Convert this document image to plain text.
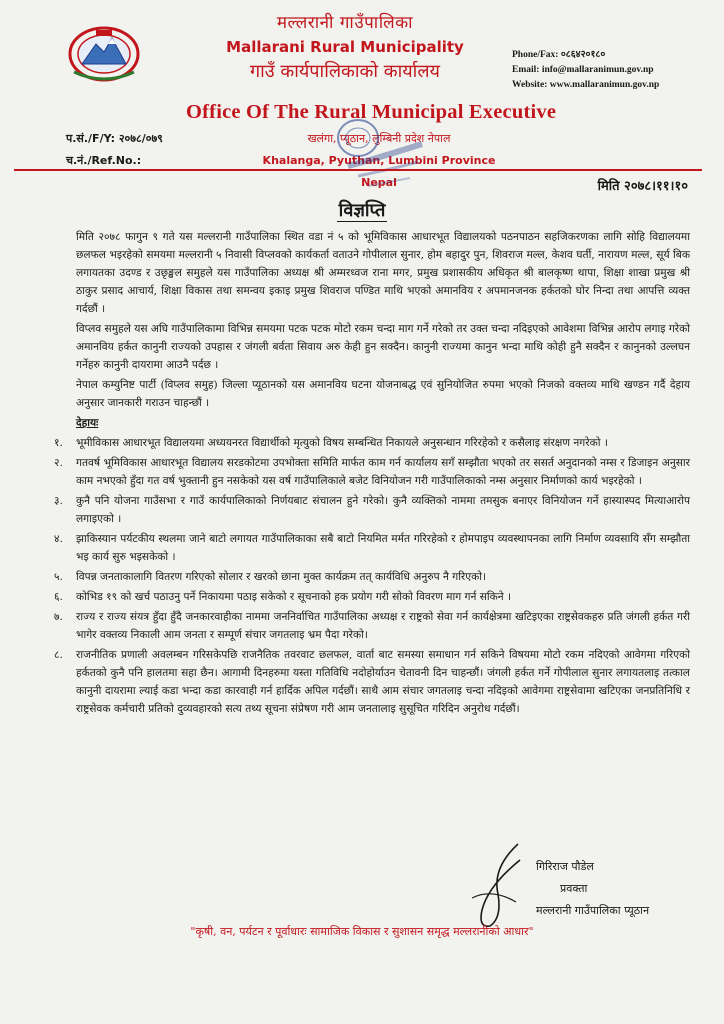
मल्लरानी गाउँपालिका
Mallarani Rural Municipality
गाउँ कार्यपालिकाको कार्यालय
Office Of The Rural Municipal Executive
Phone/Fax: ०८६४२०१८०
Email: info@mallaranimun.gov.np
Website: www.mallaranimun.gov.np
प.सं./F/Y: २०७८/०७९
च.नं./Ref.No.:
खलंगा, प्यूठान, लुम्बिनी प्रदेश नेपाल
Khalanga, Pyuthan, Lumbini Province Nepal	मिति २०७८।११।१०
विज्ञप्ति

मिति २०७८ फागुन ९ गते यस मल्लरानी गाउँपालिका स्थित वडा नं ५ को भूमिविकास आधारभूत विद्यालयको पठनपाठन सहजिकरणका लागि सोहि विद्यालयमा छलफल भइरहेको समयमा मल्लरानी ५ निवासी विप्लवको कार्यकर्ता वताउने गोपीलाल सुनार, होम बहादुर पुन, शिवराज मल्ल, केशव घर्ती, नारायण मल्ल, सूर्य बिक लगायतका उदण्ड र उछृङ्खल समुहले यस गाउँपालिका अध्यक्ष श्री अम्मरध्वज राना मगर, प्रमुख प्रशासकीय अधिकृत श्री बालकृष्ण थापा, शिक्षा शाखा प्रमुख श्री ठाकुर प्रसाद आचार्य, शिक्षा विकास तथा समन्वय इकाइ प्रमुख शिवराज पण्डित माथि भएको अमानविय र अपमानजनक हर्कतको घोर निन्दा तथा आपत्ति व्यक्त गर्दछौं ।

विप्लव समुहले यस अघि गाउँपालिकामा विभिन्न समयमा पटक पटक मोटो रकम चन्दा माग गर्ने गरेको तर उक्त चन्दा नदिइएको आवेशमा विभिन्न आरोप लगाइ गरेको अमानविय हर्कत कानुनी राज्यको उपहास र जंगली बर्वता सिवाय अरु केही हुन सक्दैन। कानुनी राज्यमा कानुन भन्दा माथि कोही हुनै सक्दैन र कानुनको उल्लघन गर्नेहरु कानुनी दायरामा आउनै पर्दछ ।

नेपाल कम्युनिष्ट पार्टी (विप्लव समुह) जिल्ला प्यूठानको यस अमानविय घटना योजनाबद्ध एवं सुनियोजित रुपमा भएको निजको वक्तव्य माथि खण्डन गर्दै देहाय अनुसार जानकारी गराउन चाहन्छौं ।

देहायः

१. भूमीविकास आधारभूत विद्यालयमा अध्ययनरत विद्यार्थीको मृत्युको विषय सम्बन्धित निकायले अनुसन्धान गरिरहेको र कसैलाइ संरक्षण नगरेको ।
२. गतवर्ष भूमिविकास आधारभूत विद्यालय सरडकोटमा उपभोक्ता समिति मार्फत काम गर्न कार्यालय सगँ सम्झौता भएको तर ससर्त अनुदानको नम्स र डिजाइन अनुसार काम नभएको हुँदा गत वर्ष भुक्तानी हुन नसकेको यस वर्ष गाउँपालिकाले बजेट विनियोजन गरी गाउँपालिकाको नम्स अनुसार निर्माणको कार्य भइरहेको ।
३. कुनै पनि योजना गाउँसभा र गाउँ कार्यपालिकाको निर्णयबाट संचालन हुने गरेको। कुनै व्यक्तिको नाममा तमसुक बनाएर विनियोजन गर्ने हास्यास्पद मित्याआरोप लगाइएको ।
४. झाकिस्यान पर्यटकीय स्थलमा जाने बाटो लगायत गाउँपालिकाका सबै बाटो नियमित मर्मत गरिरहेको र होमपाइप व्यवस्थापनका लागि निर्माण व्यवसायि सँग सम्झौता भइ कार्य सुरु भइसकेको ।
५. विपन्न जनताकालागि वितरण गरिएको सोलार र खरको छाना मुक्त कार्यक्रम तत् कार्यविधि अनुरुप नै गरिएको।
६. कोभिड १९ को खर्च पठाउनु पर्ने निकायमा पठाइ सकेको र सूचनाको हक प्रयोग गरी सोको विवरण माग गर्न सकिने ।
७. राज्य र राज्य संयत्र हुँदा हुँदै जनकारवाहीका नाममा जननिर्वाचित गाउँपालिका अध्यक्ष र राष्ट्रको सेवा गर्न कार्यक्षेत्रमा खटिइएका राष्ट्रसेवकहरु प्रति जंगली हर्कत गरी भागेर वक्तव्य निकाली आम जनता र सम्पूर्ण संचार जगतलाइ भ्रम पैदा गरेको।
८. राजनीतिक प्रणाली अवलम्बन गरिसकेपछि राजनैतिक तवरवाट छलफल, वार्ता बाट समस्या समाधान गर्न सकिने विषयमा मोटो रकम नदिएको आवेगमा गरिएको हर्कतको कुनै पनि हालतमा सहा छैन। आगामी दिनहरुमा यस्ता गतिविधि नदोहोर्याउन चेतावनी दिन चाहन्छौं। जंगली हर्कत गर्ने गोपीलाल सुनार लगायतलाइ तत्काल कानुनी दायरामा ल्याई कडा भन्दा कडा कारवाही गर्न हार्दिक अपिल गर्दछौं। साथै आम संचार जगतलाइ चन्दा नदिइको आवेगमा राष्ट्रसेवामा खटिएका जनप्रतिनिधि र राष्ट्रसेवक कर्मचारी प्रतिको दुव्यवहारको सत्य तथ्य सूचना संप्रेषण गरी आम जनतालाइ सुसूचित गरिदिन अनुरोध गर्दछौं।
गिरिराज पौडेल
प्रवक्ता
मल्लरानी गाउँपालिका प्यूठान
"कृषी, वन, पर्यटन र पूर्वाधारः सामाजिक विकास र सुशासन समृद्ध मल्लरानीको आधार"
